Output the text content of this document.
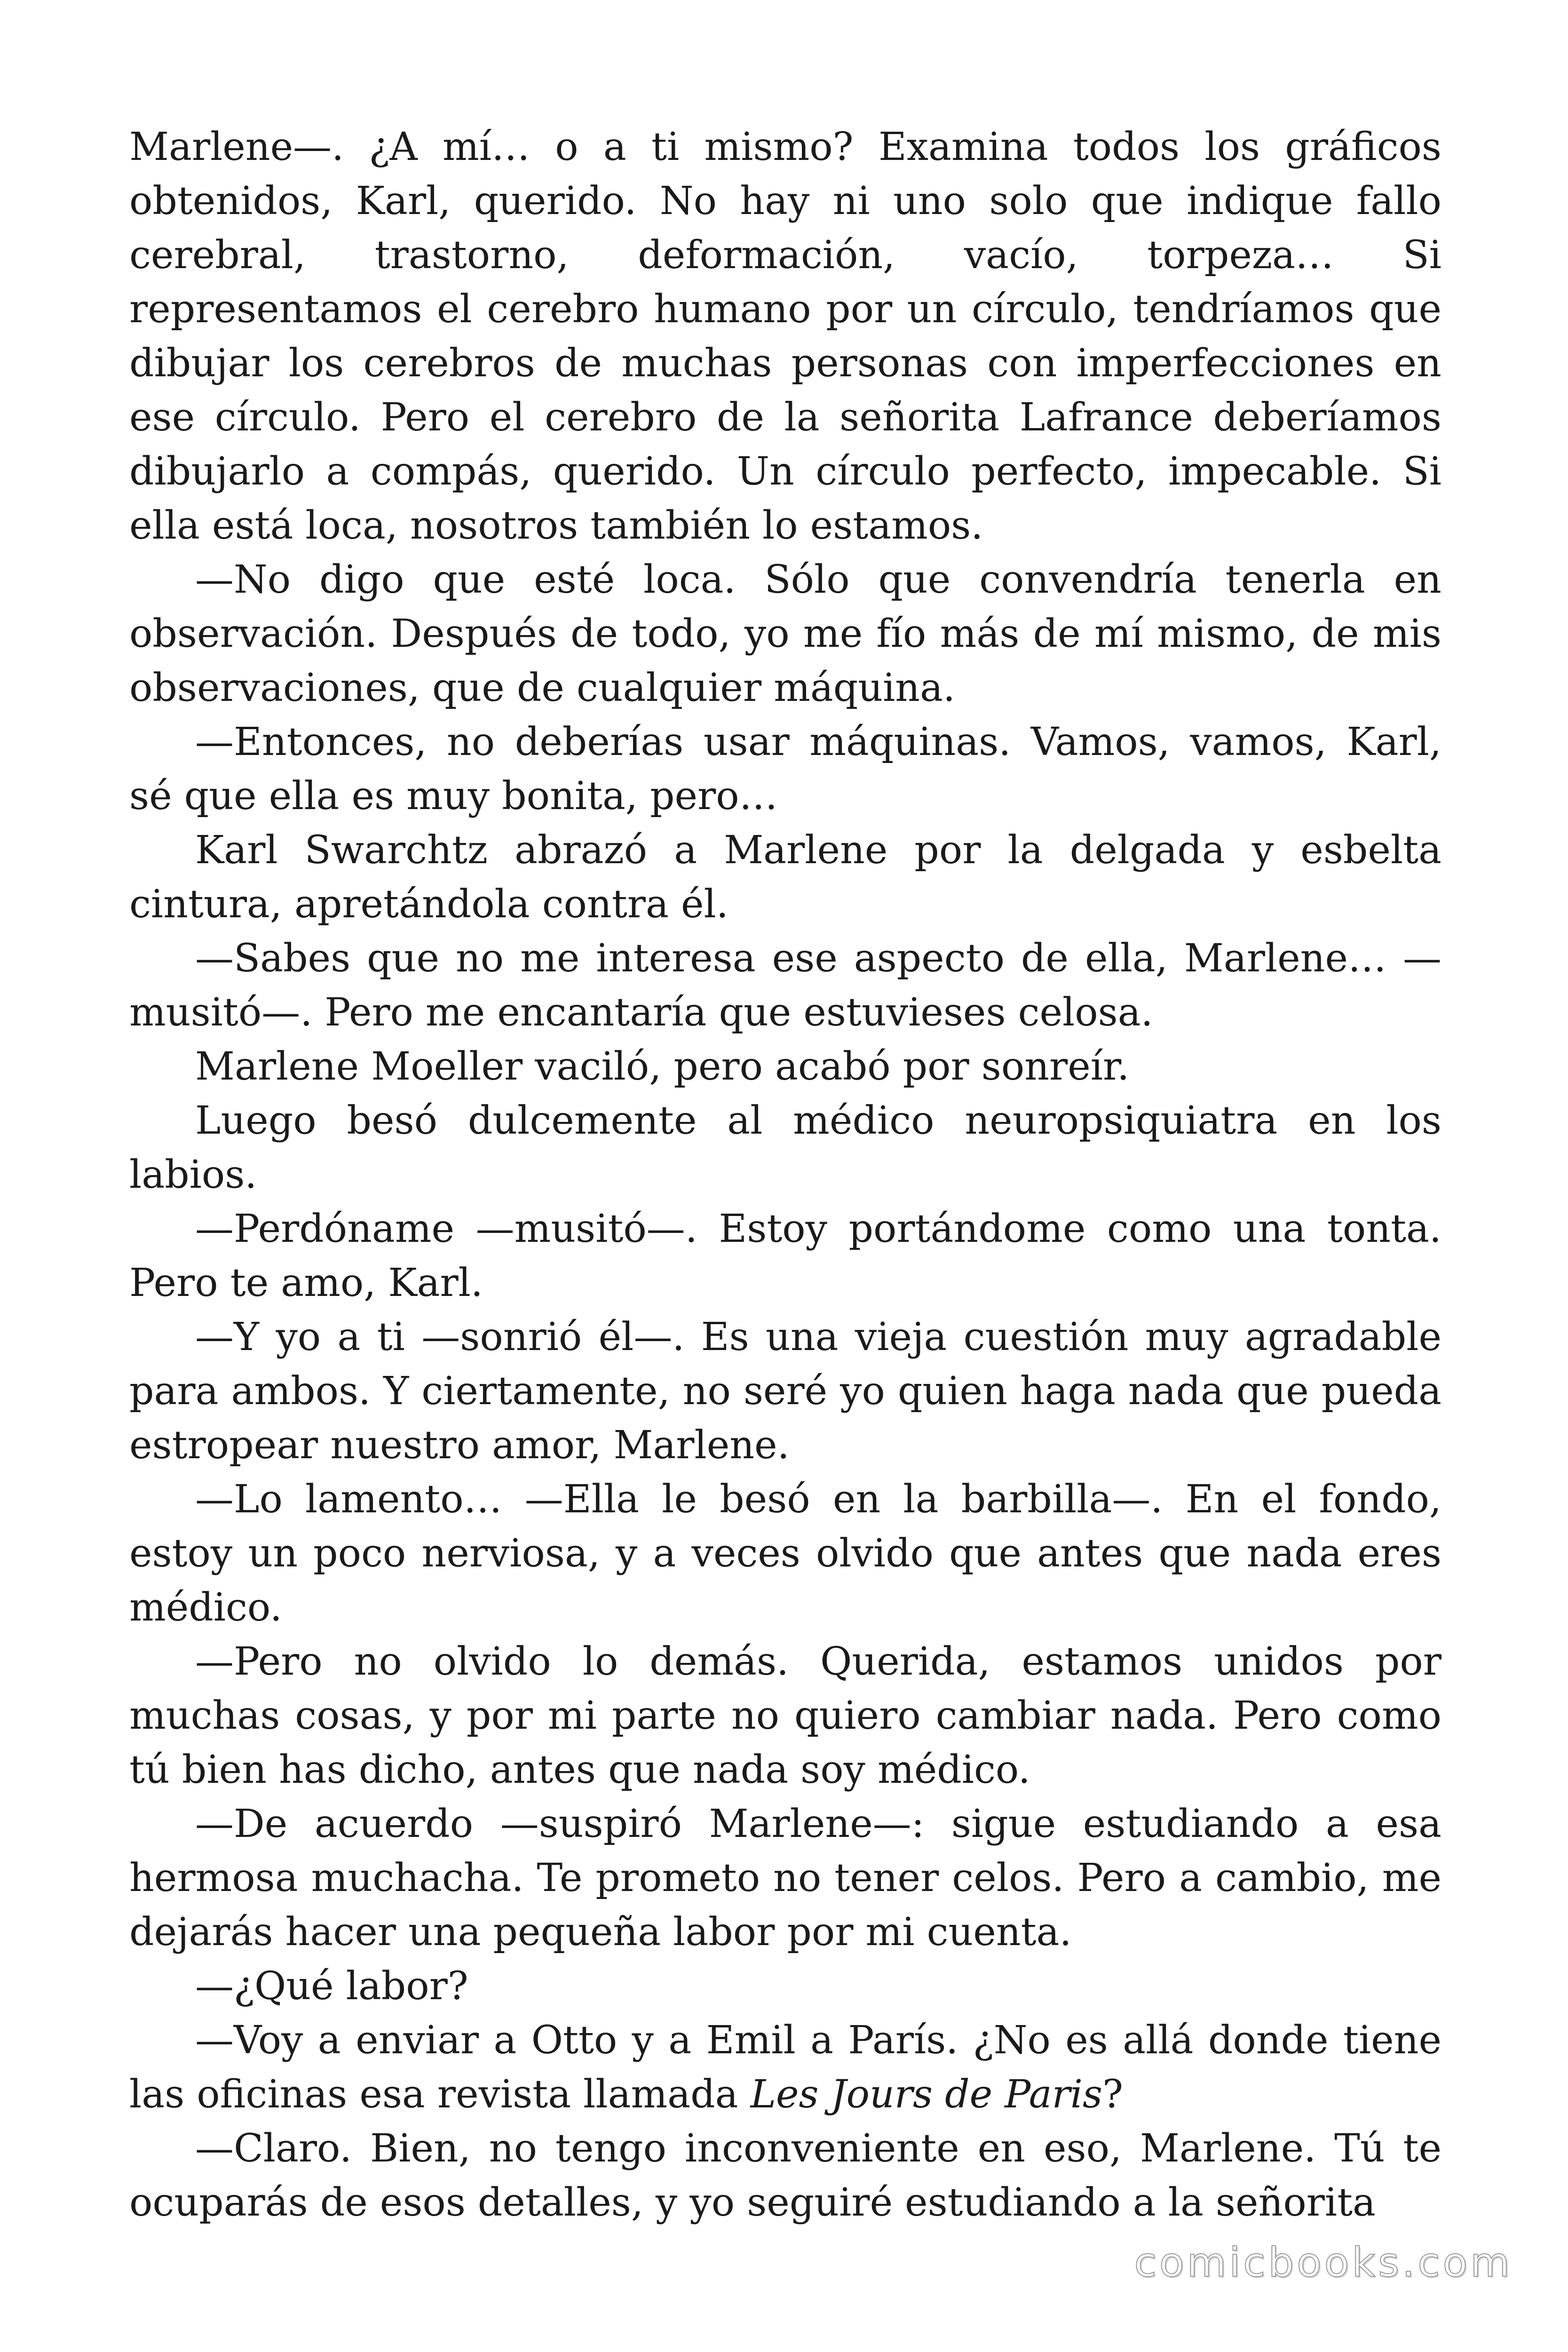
Marlene—. ¿A mí… o a ti mismo? Examina todos los gráficos obtenidos, Karl, querido. No hay ni uno solo que indique fallo cerebral, trastorno, deformación, vacío, torpeza… Si representamos el cerebro humano por un círculo, tendríamos que dibujar los cerebros de muchas personas con imperfecciones en ese círculo. Pero el cerebro de la señorita Lafrance deberíamos dibujarlo a compás, querido. Un círculo perfecto, impecable. Si ella está loca, nosotros también lo estamos.

—No digo que esté loca. Sólo que convendría tenerla en observación. Después de todo, yo me fío más de mí mismo, de mis observaciones, que de cualquier máquina.

—Entonces, no deberías usar máquinas. Vamos, vamos, Karl, sé que ella es muy bonita, pero…

Karl Swarchtz abrazó a Marlene por la delgada y esbelta cintura, apretándola contra él.

—Sabes que no me interesa ese aspecto de ella, Marlene… —musitó—. Pero me encantaría que estuvieses celosa.

Marlene Moeller vaciló, pero acabó por sonreír.

Luego besó dulcemente al médico neuropsiquiatra en los labios.

—Perdóname —musitó—. Estoy portándome como una tonta. Pero te amo, Karl.

—Y yo a ti —sonrió él—. Es una vieja cuestión muy agradable para ambos. Y ciertamente, no seré yo quien haga nada que pueda estropear nuestro amor, Marlene.

—Lo lamento… —Ella le besó en la barbilla—. En el fondo, estoy un poco nerviosa, y a veces olvido que antes que nada eres médico.

—Pero no olvido lo demás. Querida, estamos unidos por muchas cosas, y por mi parte no quiero cambiar nada. Pero como tú bien has dicho, antes que nada soy médico.

—De acuerdo —suspiró Marlene—: sigue estudiando a esa hermosa muchacha. Te prometo no tener celos. Pero a cambio, me dejarás hacer una pequeña labor por mi cuenta.

—¿Qué labor?

—Voy a enviar a Otto y a Emil a París. ¿No es allá donde tiene las oficinas esa revista llamada Les Jours de Paris?

—Claro. Bien, no tengo inconveniente en eso, Marlene. Tú te ocuparás de esos detalles, y yo seguiré estudiando a la señorita

comicbooks.com
